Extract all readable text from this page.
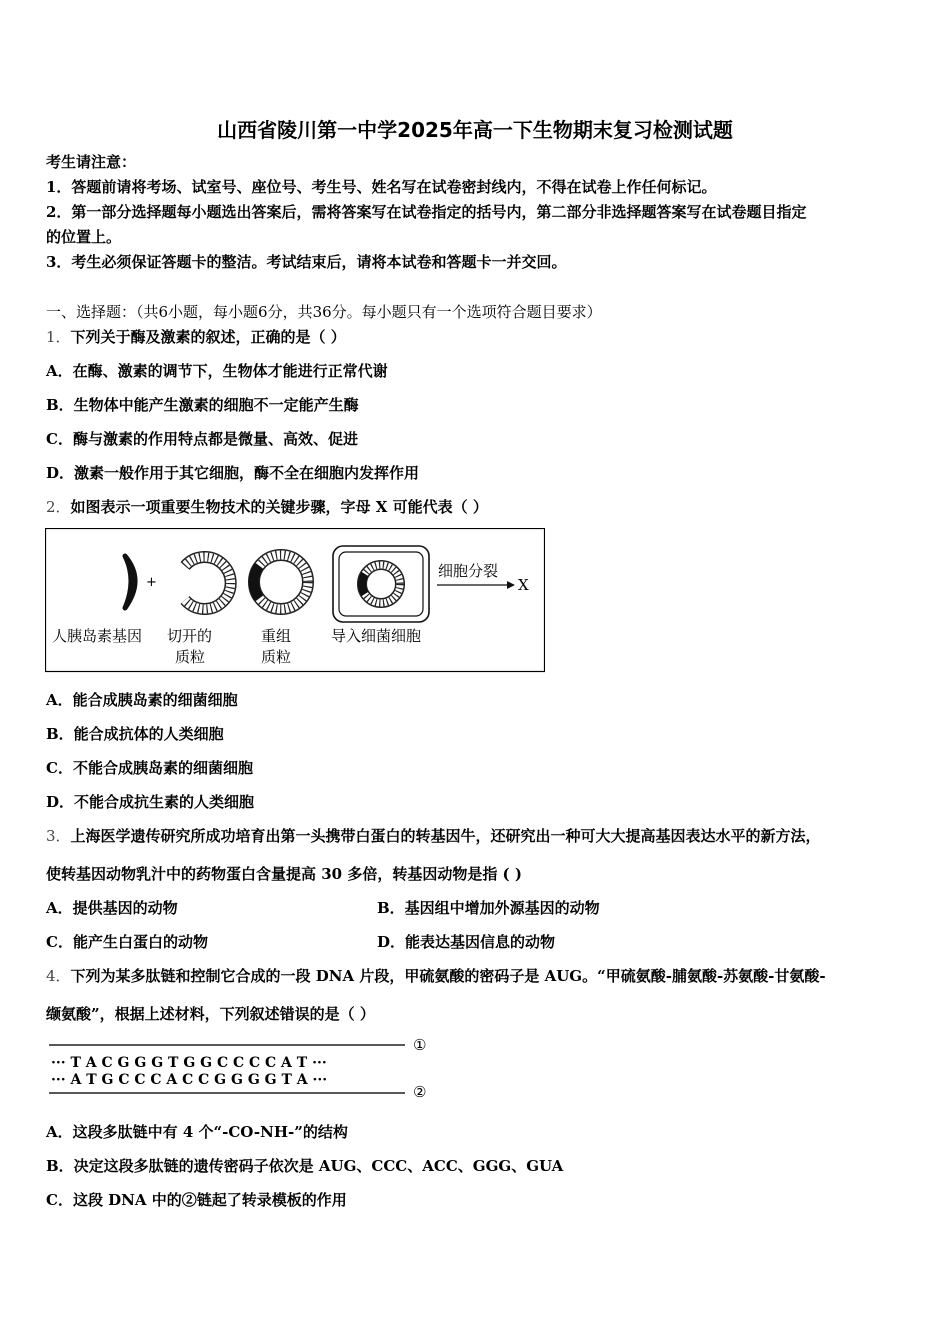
山西省陵川第一中学2025年高一下生物期末复习检测试题
考生请注意：
1．答题前请将考场、试室号、座位号、考生号、姓名写在试卷密封线内，不得在试卷上作任何标记。
2．第一部分选择题每小题选出答案后，需将答案写在试卷指定的括号内，第二部分非选择题答案写在试卷题目指定
的位置上。
3．考生必须保证答题卡的整洁。考试结束后，请将本试卷和答题卡一并交回。
一、选择题：（共6小题，每小题6分，共36分。每小题只有一个选项符合题目要求）
1．下列关于酶及激素的叙述，正确的是（ ）
A．在酶、激素的调节下，生物体才能进行正常代谢
B．生物体中能产生激素的细胞不一定能产生酶
C．酶与激素的作用特点都是微量、高效、促进
D．激素一般作用于其它细胞，酶不全在细胞内发挥作用
2．如图表示一项重要生物技术的关键步骤，字母 X 可能代表（ ）
+
细胞分裂
X
人胰岛素基因 切开的
质粒
重组
质粒
导入细菌细胞
A．能合成胰岛素的细菌细胞
B．能合成抗体的人类细胞
C．不能合成胰岛素的细菌细胞
D．不能合成抗生素的人类细胞
3．上海医学遗传研究所成功培育出第一头携带白蛋白的转基因牛，还研究出一种可大大提高基因表达水平的新方法，
使转基因动物乳汁中的药物蛋白含量提高 30 多倍，转基因动物是指 ( )
A．提供基因的动物	B．基因组中增加外源基因的动物
C．能产生白蛋白的动物	D．能表达基因信息的动物
4．下列为某多肽链和控制它合成的一段 DNA 片段，甲硫氨酸的密码子是 AUG。“甲硫氨酸-脯氨酸-苏氨酸-甘氨酸-
缬氨酸”，根据上述材料，下列叙述错误的是（ ）
··· T A C G G G T G G C C C C A T ···
··· A T G C C C A C C G G G G T A ···
①
②
A．这段多肽链中有 4 个“-CO-NH-”的结构
B．决定这段多肽链的遗传密码子依次是 AUG、CCC、ACC、GGG、GUA
C．这段 DNA 中的②链起了转录模板的作用
